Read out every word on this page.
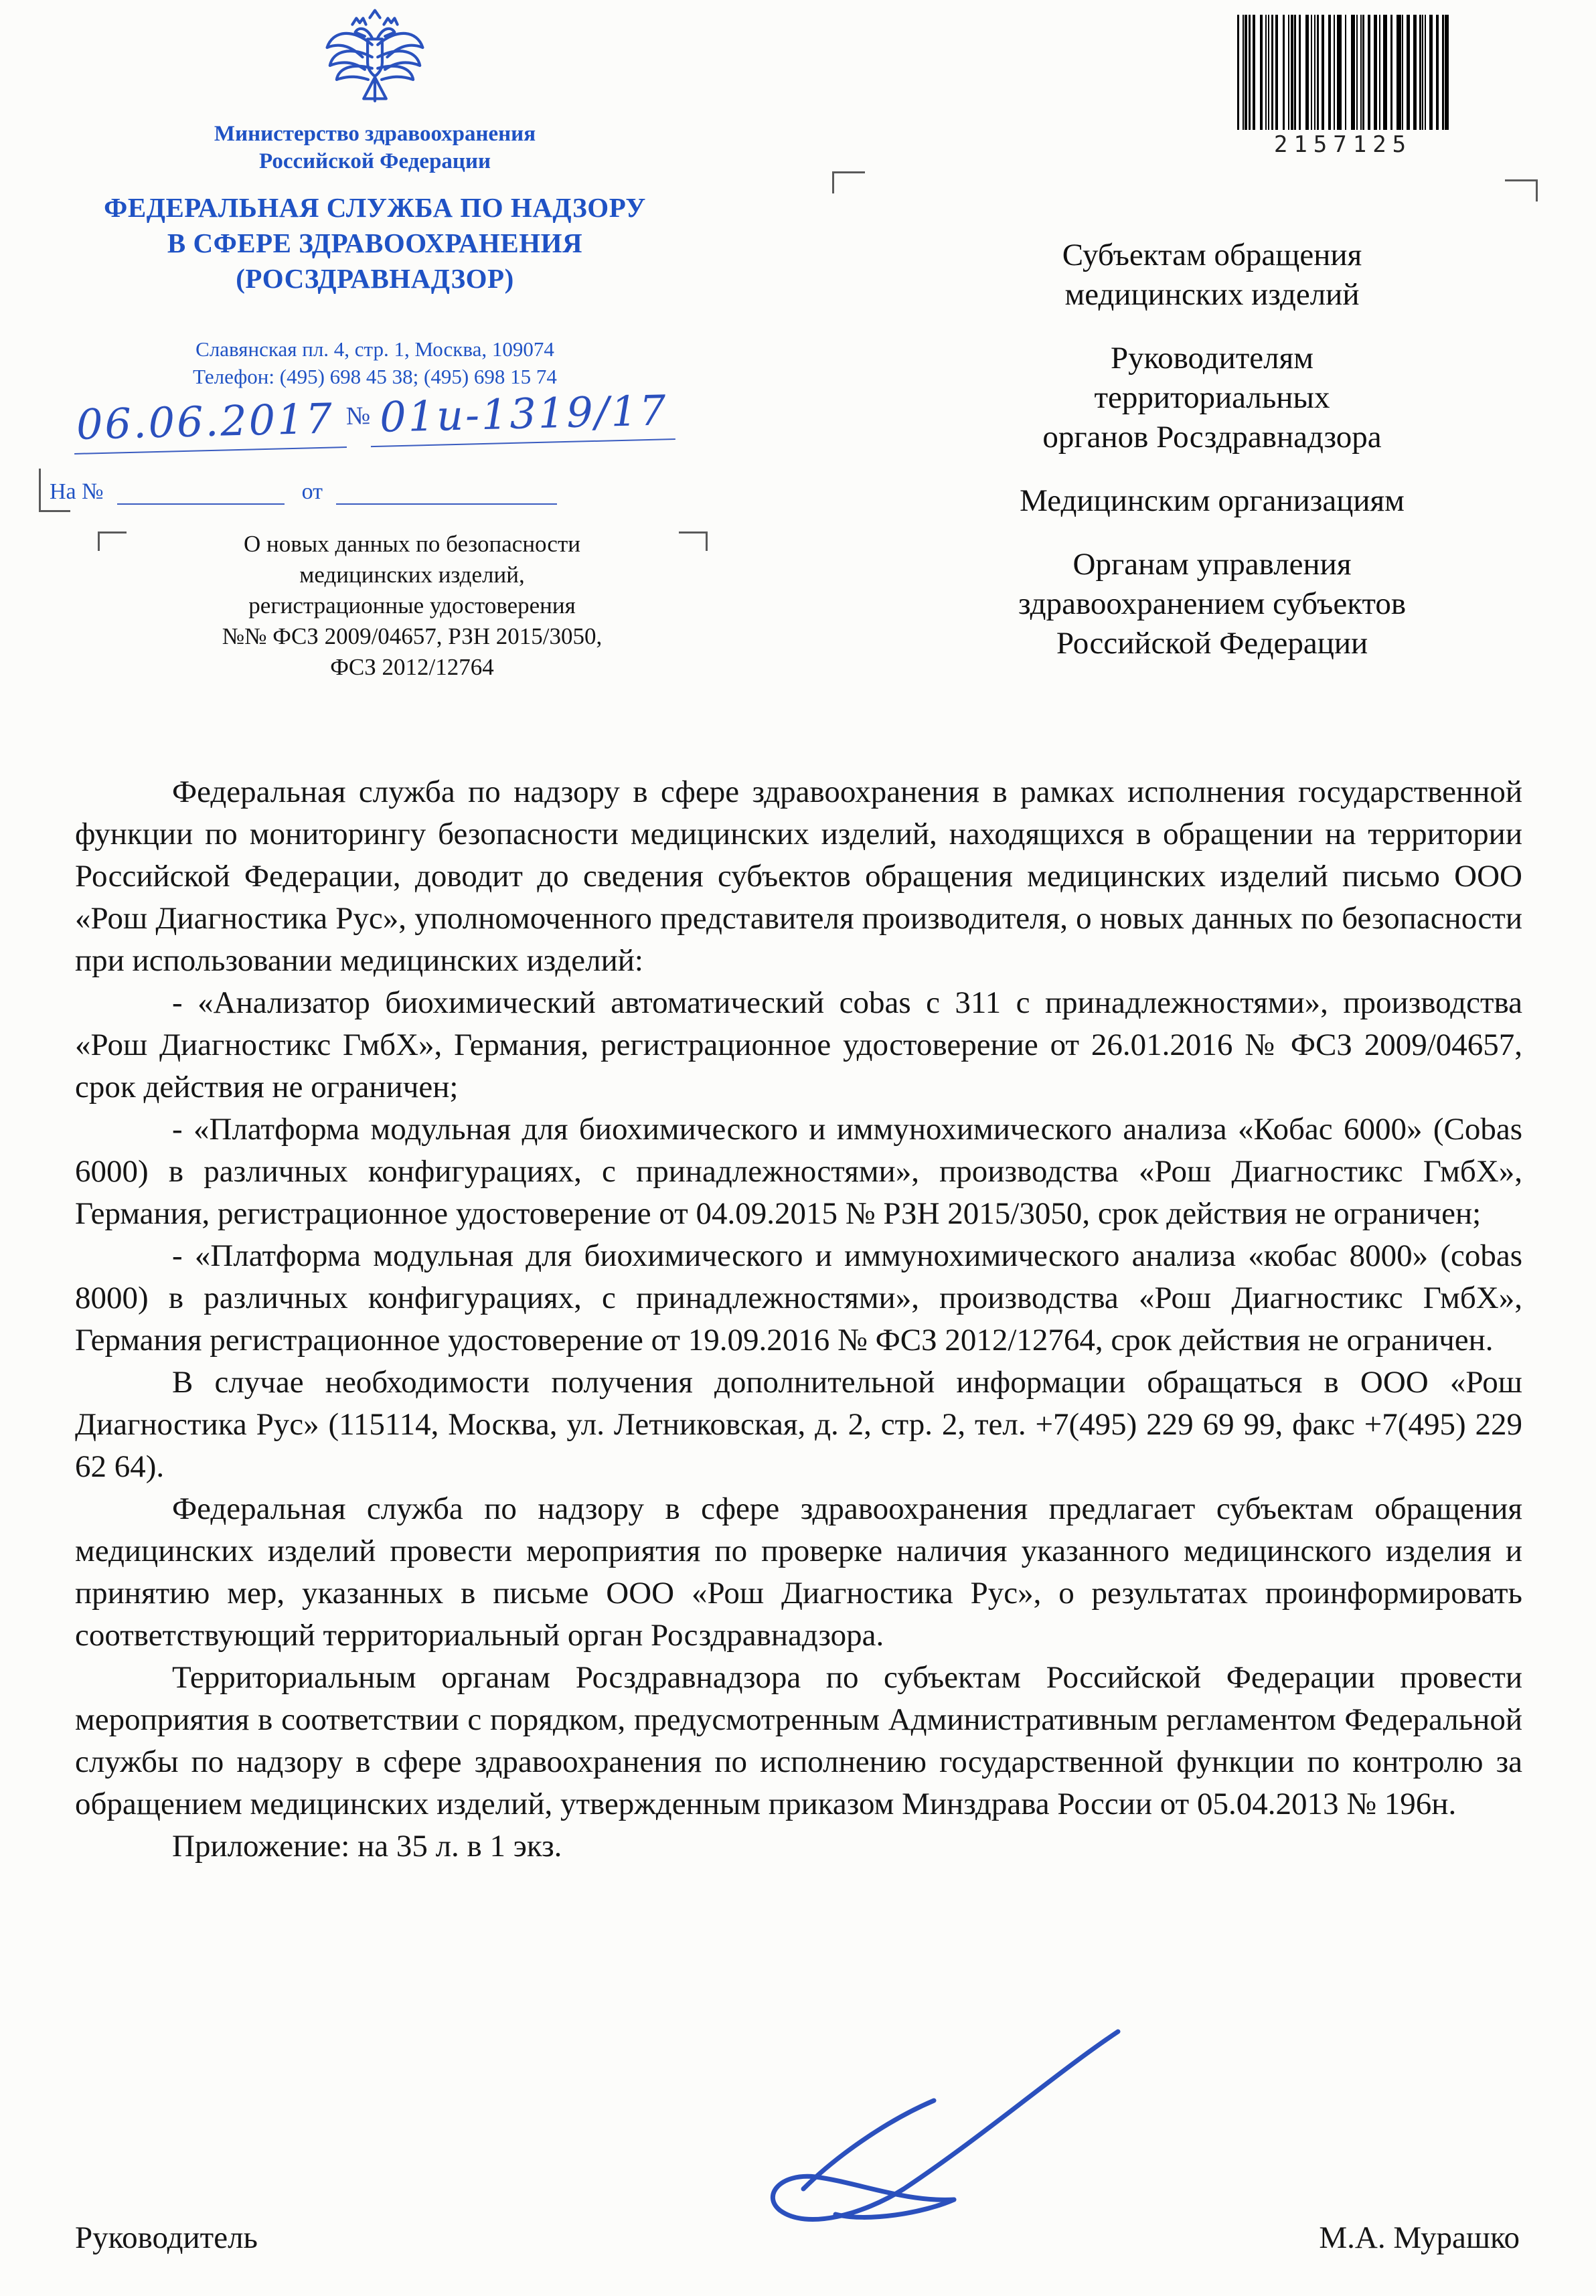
Министерство здравоохранения
Российской Федерации
ФЕДЕРАЛЬНАЯ СЛУЖБА ПО НАДЗОРУ
В СФЕРЕ ЗДРАВООХРАНЕНИЯ
(РОСЗДРАВНАДЗОР)
Славянская пл. 4, стр. 1, Москва, 109074
Телефон: (495) 698 45 38; (495) 698 15 74
2157125
06.06.2017 № 01и-1319/17
На №	от
О новых данных по безопасности
медицинских изделий,
регистрационные удостоверения
№№ ФСЗ 2009/04657, РЗН 2015/3050,
ФСЗ 2012/12764
Субъектам обращения
медицинских изделий
Руководителям
территориальных
органов Росздравнадзора
Медицинским организациям
Органам управления
здравоохранением субъектов
Российской Федерации

Федеральная служба по надзору в сфере здравоохранения в рамках исполнения государственной функции по мониторингу безопасности медицинских изделий, находящихся в обращении на территории Российской Федерации, доводит до сведения субъектов обращения медицинских изделий письмо ООО «Рош Диагностика Рус», уполномоченного представителя производителя, о новых данных по безопасности при использовании медицинских изделий:

- «Анализатор биохимический автоматический cobas c 311 с принадлежностями», производства «Рош Диагностикс ГмбХ», Германия, регистрационное удостоверение от 26.01.2016 № ФСЗ 2009/04657, срок действия не ограничен;

- «Платформа модульная для биохимического и иммунохимического анализа «Кобас 6000» (Cobas 6000) в различных конфигурациях, с принадлежностями», производства «Рош Диагностикс ГмбХ», Германия, регистрационное удостоверение от 04.09.2015 № РЗН 2015/3050, срок действия не ограничен;

- «Платформа модульная для биохимического и иммунохимического анализа «кобас 8000» (cobas 8000) в различных конфигурациях, с принадлежностями», производства «Рош Диагностикс ГмбХ», Германия регистрационное удостоверение от 19.09.2016 № ФСЗ 2012/12764, срок действия не ограничен.

В случае необходимости получения дополнительной информации обращаться в ООО «Рош Диагностика Рус» (115114, Москва, ул. Летниковская, д. 2, стр. 2, тел. +7(495) 229 69 99, факс +7(495) 229 62 64).

Федеральная служба по надзору в сфере здравоохранения предлагает субъектам обращения медицинских изделий провести мероприятия по проверке наличия указанного медицинского изделия и принятию мер, указанных в письме ООО «Рош Диагностика Рус», о результатах проинформировать соответствующий территориальный орган Росздравнадзора.

Территориальным органам Росздравнадзора по субъектам Российской Федерации провести мероприятия в соответствии с порядком, предусмотренным Административным регламентом Федеральной службы по надзору в сфере здравоохранения по исполнению государственной функции по контролю за обращением медицинских изделий, утвержденным приказом Минздрава России от 05.04.2013 № 196н.

Приложение: на 35 л. в 1 экз.

Руководитель	М.А. Мурашко
